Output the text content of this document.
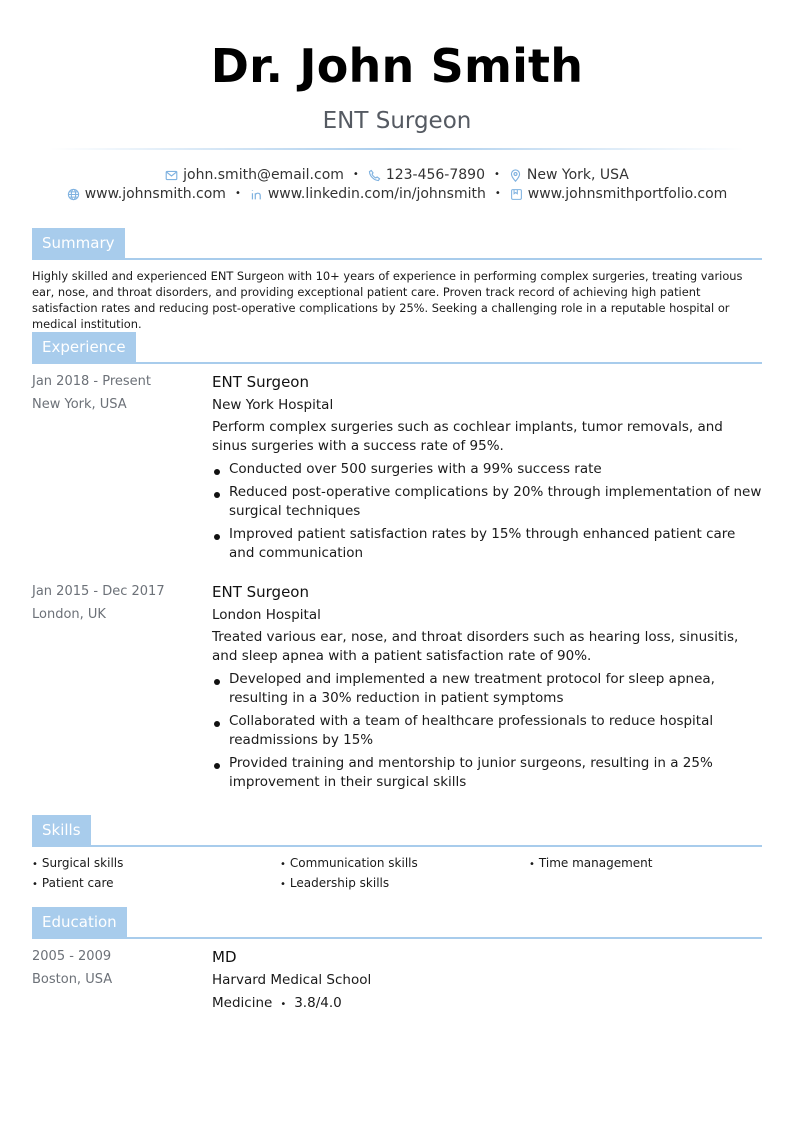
Dr. John Smith
ENT Surgeon
john.smith@email.com • 123-456-7890 • New York, USA
www.johnsmith.com • www.linkedin.com/in/johnsmith • www.johnsmithportfolio.com
Summary
Highly skilled and experienced ENT Surgeon with 10+ years of experience in performing complex surgeries, treating various ear, nose, and throat disorders, and providing exceptional patient care. Proven track record of achieving high patient satisfaction rates and reducing post-operative complications by 25%. Seeking a challenging role in a reputable hospital or medical institution.
Experience
Jan 2018 - Present
New York, USA
ENT Surgeon
New York Hospital
Perform complex surgeries such as cochlear implants, tumor removals, and sinus surgeries with a success rate of 95%.
Conducted over 500 surgeries with a 99% success rate
Reduced post-operative complications by 20% through implementation of new surgical techniques
Improved patient satisfaction rates by 15% through enhanced patient care and communication
Jan 2015 - Dec 2017
London, UK
ENT Surgeon
London Hospital
Treated various ear, nose, and throat disorders such as hearing loss, sinusitis, and sleep apnea with a patient satisfaction rate of 90%.
Developed and implemented a new treatment protocol for sleep apnea, resulting in a 30% reduction in patient symptoms
Collaborated with a team of healthcare professionals to reduce hospital readmissions by 15%
Provided training and mentorship to junior surgeons, resulting in a 25% improvement in their surgical skills
Skills
• Surgical skills	• Communication skills	• Time management
• Patient care	• Leadership skills
Education
2005 - 2009
Boston, USA
MD
Harvard Medical School
Medicine • 3.8/4.0
